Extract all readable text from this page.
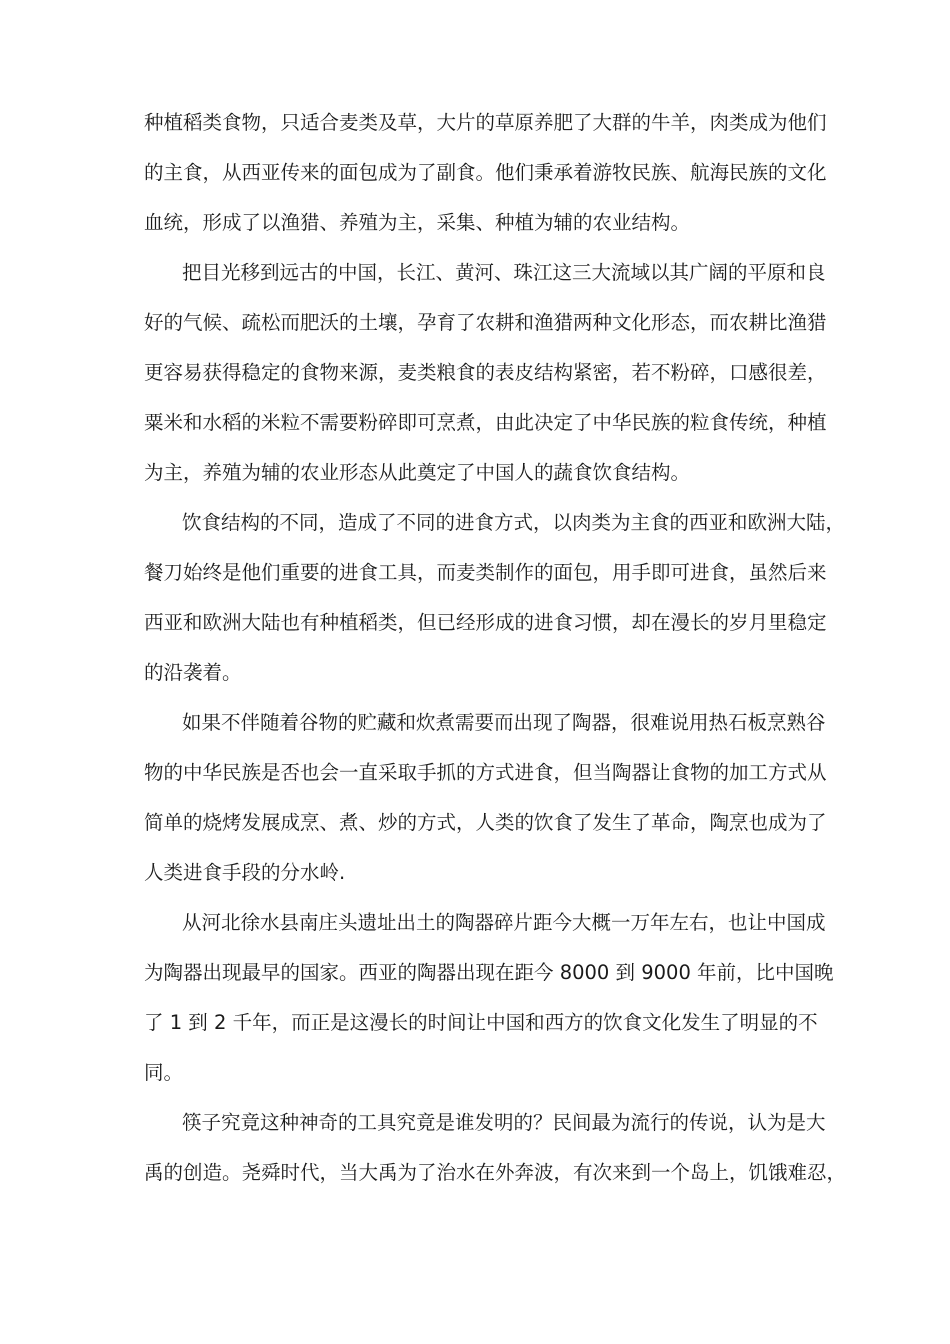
种植稻类食物，只适合麦类及草，大片的草原养肥了大群的牛羊，肉类成为他们
的主食，从西亚传来的面包成为了副食。他们秉承着游牧民族、航海民族的文化
血统，形成了以渔猎、养殖为主，采集、种植为辅的农业结构。
把目光移到远古的中国，长江、黄河、珠江这三大流域以其广阔的平原和良
好的气候、疏松而肥沃的土壤，孕育了农耕和渔猎两种文化形态，而农耕比渔猎
更容易获得稳定的食物来源，麦类粮食的表皮结构紧密，若不粉碎，口感很差，
粟米和水稻的米粒不需要粉碎即可烹煮，由此决定了中华民族的粒食传统，种植
为主，养殖为辅的农业形态从此奠定了中国人的蔬食饮食结构。
饮食结构的不同，造成了不同的进食方式，以肉类为主食的西亚和欧洲大陆，
餐刀始终是他们重要的进食工具，而麦类制作的面包，用手即可进食，虽然后来
西亚和欧洲大陆也有种植稻类，但已经形成的进食习惯，却在漫长的岁月里稳定
的沿袭着。
如果不伴随着谷物的贮藏和炊煮需要而出现了陶器，很难说用热石板烹熟谷
物的中华民族是否也会一直采取手抓的方式进食，但当陶器让食物的加工方式从
简单的烧烤发展成烹、煮、炒的方式，人类的饮食了发生了革命，陶烹也成为了
人类进食手段的分水岭.
从河北徐水县南庄头遗址出土的陶器碎片距今大概一万年左右，也让中国成
为陶器出现最早的国家。西亚的陶器出现在距今 8000 到 9000 年前，比中国晚
了 1 到 2 千年，而正是这漫长的时间让中国和西方的饮食文化发生了明显的不
同。
筷子究竟这种神奇的工具究竟是谁发明的？民间最为流行的传说，认为是大
禹的创造。尧舜时代，当大禹为了治水在外奔波，有次来到一个岛上，饥饿难忍，
